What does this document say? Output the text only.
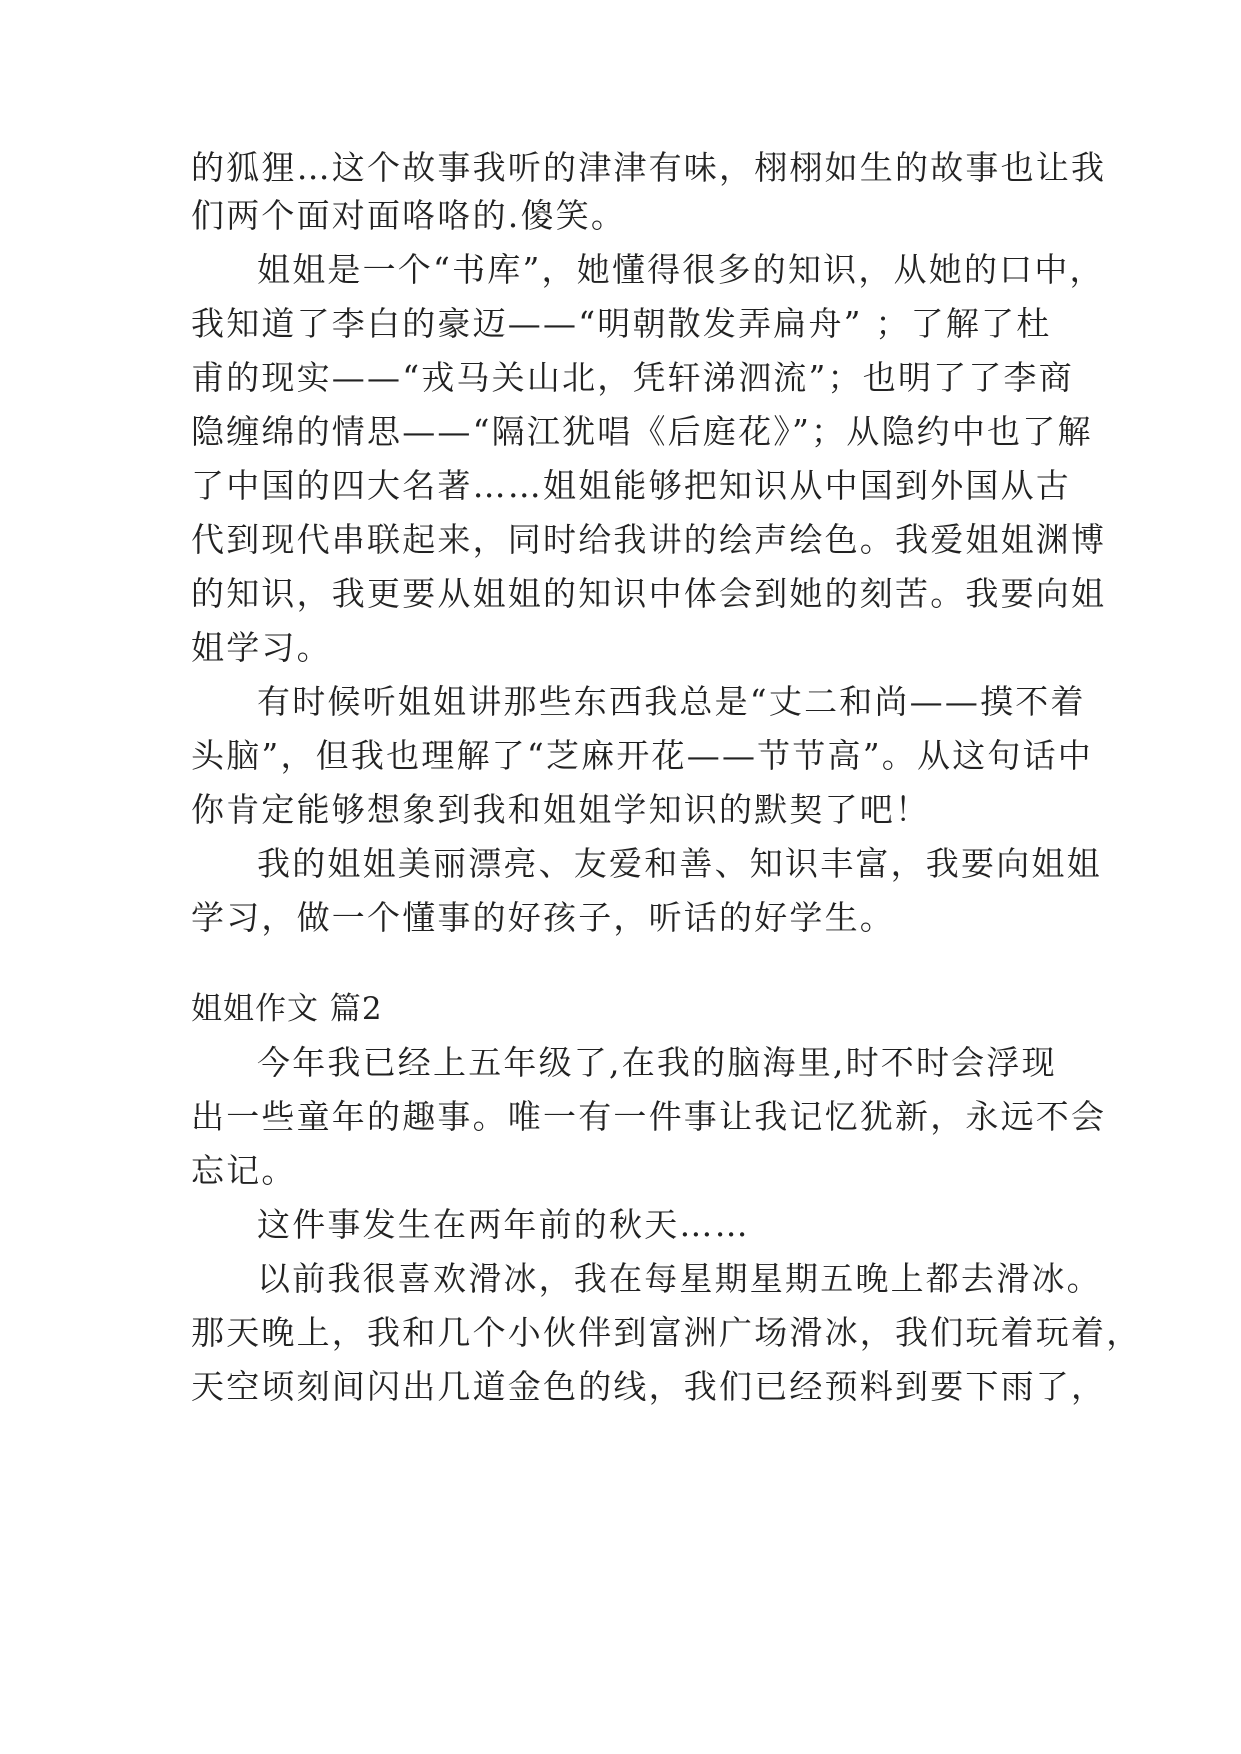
的狐狸…这个故事我听的津津有味，栩栩如生的故事也让我
们两个面对面咯咯的.傻笑。
姐姐是一个“书库”，她懂得很多的知识，从她的口中，
我知道了李白的豪迈——“明朝散发弄扁舟” ；了解了杜
甫的现实——“戎马关山北，凭轩涕泗流”；也明了了李商
隐缠绵的情思——“隔江犹唱《后庭花》”；从隐约中也了解
了中国的四大名著……姐姐能够把知识从中国到外国从古
代到现代串联起来，同时给我讲的绘声绘色。我爱姐姐渊博
的知识，我更要从姐姐的知识中体会到她的刻苦。我要向姐
姐学习。
有时候听姐姐讲那些东西我总是“丈二和尚——摸不着
头脑”，但我也理解了“芝麻开花——节节高”。从这句话中
你肯定能够想象到我和姐姐学知识的默契了吧！
我的姐姐美丽漂亮、友爱和善、知识丰富，我要向姐姐
学习，做一个懂事的好孩子，听话的好学生。
姐姐作文 篇2
今年我已经上五年级了,在我的脑海里,时不时会浮现
出一些童年的趣事。唯一有一件事让我记忆犹新，永远不会
忘记。
这件事发生在两年前的秋天……
以前我很喜欢滑冰，我在每星期星期五晚上都去滑冰。
那天晚上，我和几个小伙伴到富洲广场滑冰，我们玩着玩着，
天空顷刻间闪出几道金色的线，我们已经预料到要下雨了，
